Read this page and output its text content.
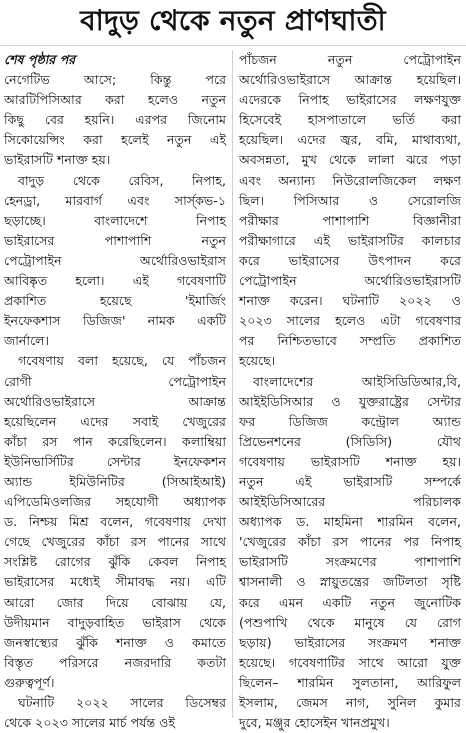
বাদুড় থেকে নতুন প্রাণঘাতী
শেষ পৃষ্ঠার পর
নেগেটিভ আসে; কিন্তু পরে
আরটিপিসিআর করা হলেও নতুন
কিছু বের হয়নি। এরপর জিনোম
সিকোয়েন্সিং করা হলেই নতুন এই
ভাইরাসটি শনাক্ত হয়।
বাদুড় থেকে রেবিস, নিপাহ,
হেনড্রা, মারবার্গ এবং সার্স্‌কভ-১
ছড়াচ্ছে। বাংলাদেশে নিপাহ
ভাইরাসের পাশাপাশি নতুন
পেট্রোপাইন অর্থোরিওভাইরাস
আবিষ্কৃত হলো। এই গবেষণাটি
প্রকাশিত হয়েছে 'ইমার্জিং
ইনফেকশাস ডিজিজ' নামক একটি
জার্নালে।
গবেষণায় বলা হয়েছে, যে পাঁচজন
রোগী পেট্রোপাইন
অর্থোরিওভাইরাসে আক্রান্ত
হয়েছিলেন এদের সবাই খেজুরের
কাঁচা রস পান করেছিলেন। কলাম্বিয়া
ইউনিভার্সিটির সেন্টার ইনফেকশন
অ্যান্ড ইমিউনিটির (সিআইআই)
এপিডেমিওলজির সহযোগী অধ্যাপক
ড. নিশ্চয় মিশ্র বলেন, গবেষণায় দেখা
গেছে খেজুরের কাঁচা রস পানের সাথে
সংশ্লিষ্ট রোগের ঝুঁকি কেবল নিপাহ
ভাইরাসের মধ্যেই সীমাবদ্ধ নয়। এটি
আরো জোর দিয়ে বোঝায় যে,
উদীয়মান বাদুড়বাহিত ভাইরাস থেকে
জনস্বাস্থ্যের ঝুঁকি শনাক্ত ও কমাতে
বিস্তৃত পরিসরে নজরদারি কতটা
গুরুত্বপূর্ণ।
ঘটনাটি ২০২২ সালের ডিসেম্বর
থেকে ২০২৩ সালের মার্চ পর্যন্ত ওই
পাঁচজন নতুন পেট্রোপাইন
অর্থোরিওভাইরাসে আক্রান্ত হয়েছিল।
এদেরকে নিপাহ ভাইরাসের লক্ষণযুক্ত
হিসেবেই হাসপাতালে ভর্তি করা
হয়েছিল। এদের জ্বর, বমি, মাথাব্যথা,
অবসন্নতা, মুখ থেকে লালা ঝরে পড়া
এবং অন্যান্য নিউরোলজিকেল লক্ষণ
ছিল। পিসিআর ও সেরোলজি
পরীক্ষার পাশাপাশি বিজ্ঞানীরা
পরীক্ষাগারে এই ভাইরাসটির কালচার
করে ভাইরাসের উৎপাদন করে
পেট্রোপাইন অর্থোরিওভাইরাসটি
শনাক্ত করেন। ঘটনাটি ২০২২ ও
২০২৩ সালের হলেও এটা গবেষণার
পর নিশ্চিতভাবে সম্প্রতি প্রকাশিত
হয়েছে।
বাংলাদেশের আইসিডিডিআর,বি,
আইইডিসিআর ও যুক্তরাষ্ট্রের সেন্টার
ফর ডিজিজ কন্ট্রোল অ্যান্ড
প্রিভেনশনের (সিডিসি) যৌথ
গবেষণায় ভাইরাসটি শনাক্ত হয়।
নতুন এই ভাইরাসটি সম্পর্কে
আইইডিসিআরের পরিচালক
অধ্যাপক ড. মাহমিনা শারমিন বলেন,
'খেজুরের কাঁচা রস পানের পর নিপাহ
ভাইরাসটি সংক্রমণের পাশাপাশি
শ্বাসনালী ও স্নায়ুতন্ত্রের জটিলতা সৃষ্টি
করে এমন একটি নতুন জুনোটিক
(পশুপাখি থেকে মানুষে যে রোগ
ছড়ায়) ভাইরাসের সংক্রমণ শনাক্ত
হয়েছে। গবেষণাটির সাথে আরো যুক্ত
ছিলেন– শারমিন সুলতানা, আরিফুল
ইসলাম, জেমস নাগ, সুনিল কুমার
দুবে, মঞ্জুর হোসেইন খানপ্রমুখ।
